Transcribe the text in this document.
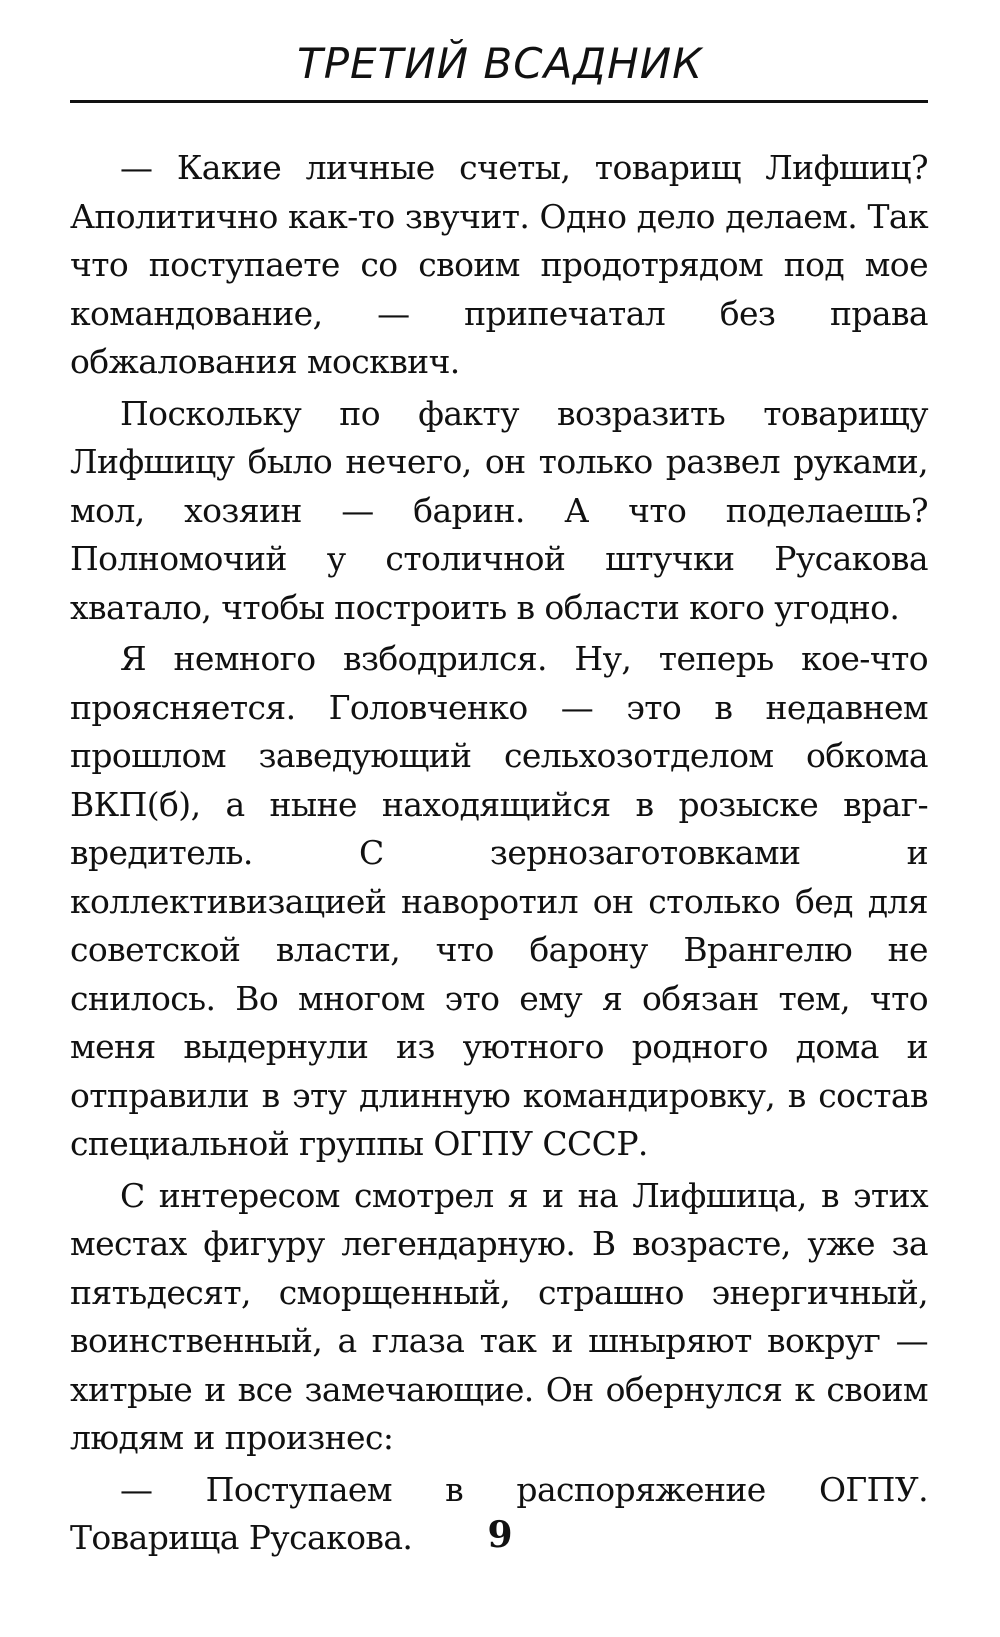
ТРЕТИЙ ВСАДНИК

— Какие личные счеты, товарищ Лифшиц? Аполитично как-то звучит. Одно дело делаем. Так что поступаете со своим продотрядом под мое командование, — припечатал без права обжалования москвич.

Поскольку по факту возразить товарищу Лифшицу было нечего, он только развел руками, мол, хозяин — барин. А что поделаешь? Полномочий у столичной штучки Русакова хватало, чтобы построить в области кого угодно.

Я немного взбодрился. Ну, теперь кое-что проясняется. Головченко — это в недавнем прошлом заведующий сельхозотделом обкома ВКП(б), а ныне находящийся в розыске враг-вредитель. С зернозаготовками и коллективизацией наворотил он столько бед для советской власти, что барону Врангелю не снилось. Во многом это ему я обязан тем, что меня выдернули из уютного родного дома и отправили в эту длинную командировку, в состав специальной группы ОГПУ СССР.

С интересом смотрел я и на Лифшица, в этих местах фигуру легендарную. В возрасте, уже за пятьдесят, сморщенный, страшно энергичный, воинственный, а глаза так и шныряют вокруг — хитрые и все замечающие. Он обернулся к своим людям и произнес:

— Поступаем в распоряжение ОГПУ. Товарища Русакова.	9
